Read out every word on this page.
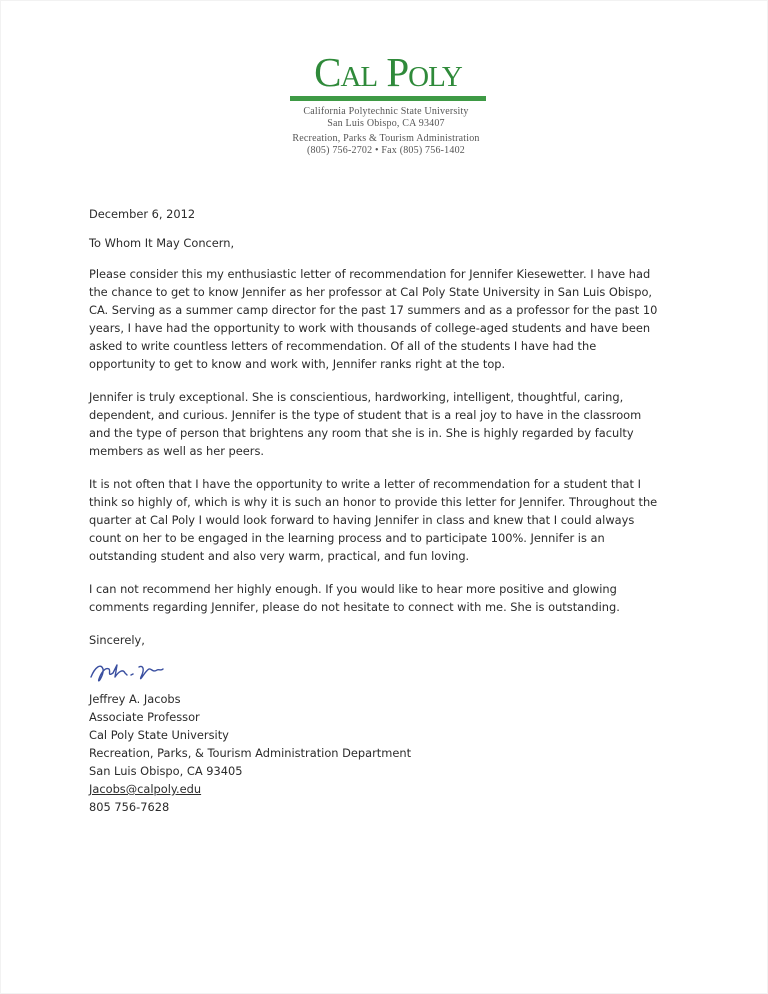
Cal Poly
California Polytechnic State University
San Luis Obispo, CA 93407
Recreation, Parks & Tourism Administration
(805) 756-2702 • Fax (805) 756-1402

December 6, 2012

To Whom It May Concern,

Please consider this my enthusiastic letter of recommendation for Jennifer Kiesewetter. I have had the chance to get to know Jennifer as her professor at Cal Poly State University in San Luis Obispo, CA. Serving as a summer camp director for the past 17 summers and as a professor for the past 10 years, I have had the opportunity to work with thousands of college-aged students and have been asked to write countless letters of recommendation. Of all of the students I have had the opportunity to get to know and work with, Jennifer ranks right at the top.

Jennifer is truly exceptional. She is conscientious, hardworking, intelligent, thoughtful, caring, dependent, and curious. Jennifer is the type of student that is a real joy to have in the classroom and the type of person that brightens any room that she is in. She is highly regarded by faculty members as well as her peers.

It is not often that I have the opportunity to write a letter of recommendation for a student that I think so highly of, which is why it is such an honor to provide this letter for Jennifer. Throughout the quarter at Cal Poly I would look forward to having Jennifer in class and knew that I could always count on her to be engaged in the learning process and to participate 100%. Jennifer is an outstanding student and also very warm, practical, and fun loving.

I can not recommend her highly enough. If you would like to hear more positive and glowing comments regarding Jennifer, please do not hesitate to connect with me. She is outstanding.

Sincerely,

Jeffrey A. Jacobs
Associate Professor
Cal Poly State University
Recreation, Parks, & Tourism Administration Department
San Luis Obispo, CA 93405
Jacobs@calpoly.edu
805 756-7628
